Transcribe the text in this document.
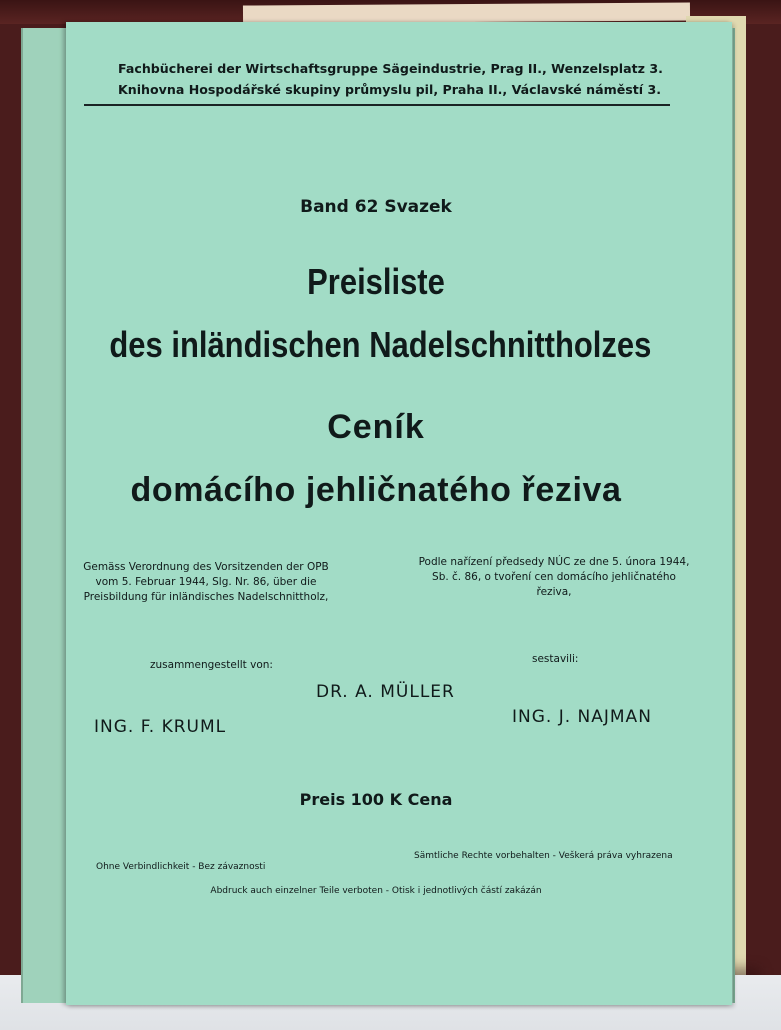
Fachbücherei der Wirtschaftsgruppe Sägeindustrie, Prag II., Wenzelsplatz 3.
Knihovna Hospodářské skupiny průmyslu pil, Praha II., Václavské náměstí 3.
Band 62 Svazek
Preisliste
des inländischen Nadelschnittholzes
Ceník
domácího jehličnatého řeziva
Gemäss Verordnung des Vorsitzenden der OPB vom 5. Februar 1944, Slg. Nr. 86, über die Preisbildung für inländisches Nadelschnittholz,
Podle nařízení předsedy NÚC ze dne 5. února 1944, Sb. č. 86, o tvoření cen domácího jehličnatého řeziva,
zusammengestellt von:	sestavili:
DR. A. MÜLLER
ING. F. KRUML	ING. J. NAJMAN
Preis 100 K Cena
Ohne Verbindlichkeit - Bez závaznosti
Sämtliche Rechte vorbehalten - Veškerá práva vyhrazena
Abdruck auch einzelner Teile verboten - Otisk i jednotlivých částí zakázán
